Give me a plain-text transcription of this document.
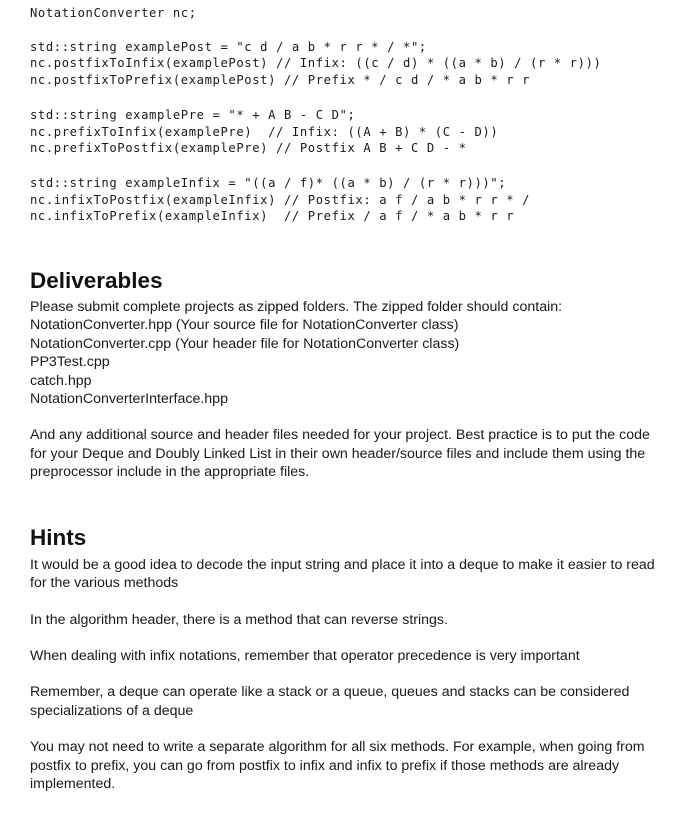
NotationConverter nc;
std::string examplePost = "c d / a b * r r * / *";
nc.postfixToInfix(examplePost) // Infix: ((c / d) * ((a * b) / (r * r)))
nc.postfixToPrefix(examplePost) // Prefix * / c d / * a b * r r
std::string examplePre = "* + A B - C D";
nc.prefixToInfix(examplePre)  // Infix: ((A + B) * (C - D))
nc.prefixToPostfix(examplePre) // Postfix A B + C D - *
std::string exampleInfix = "((a / f)* ((a * b) / (r * r)))";
nc.infixToPostfix(exampleInfix) // Postfix: a f / a b * r r * /
nc.infixToPrefix(exampleInfix)  // Prefix / a f / * a b * r r
Deliverables

Please submit complete projects as zipped folders. The zipped folder should contain:

NotationConverter.hpp (Your source file for NotationConverter class)

NotationConverter.cpp (Your header file for NotationConverter class)

PP3Test.cpp

catch.hpp

NotationConverterInterface.hpp

And any additional source and header files needed for your project. Best practice is to put the code for your Deque and Doubly Linked List in their own header/source files and include them using the preprocessor include in the appropriate files.

Hints

It would be a good idea to decode the input string and place it into a deque to make it easier to read for the various methods

In the algorithm header, there is a method that can reverse strings.

When dealing with infix notations, remember that operator precedence is very important

Remember, a deque can operate like a stack or a queue, queues and stacks can be considered specializations of a deque

You may not need to write a separate algorithm for all six methods. For example, when going from postfix to prefix, you can go from postfix to infix and infix to prefix if those methods are already implemented.
